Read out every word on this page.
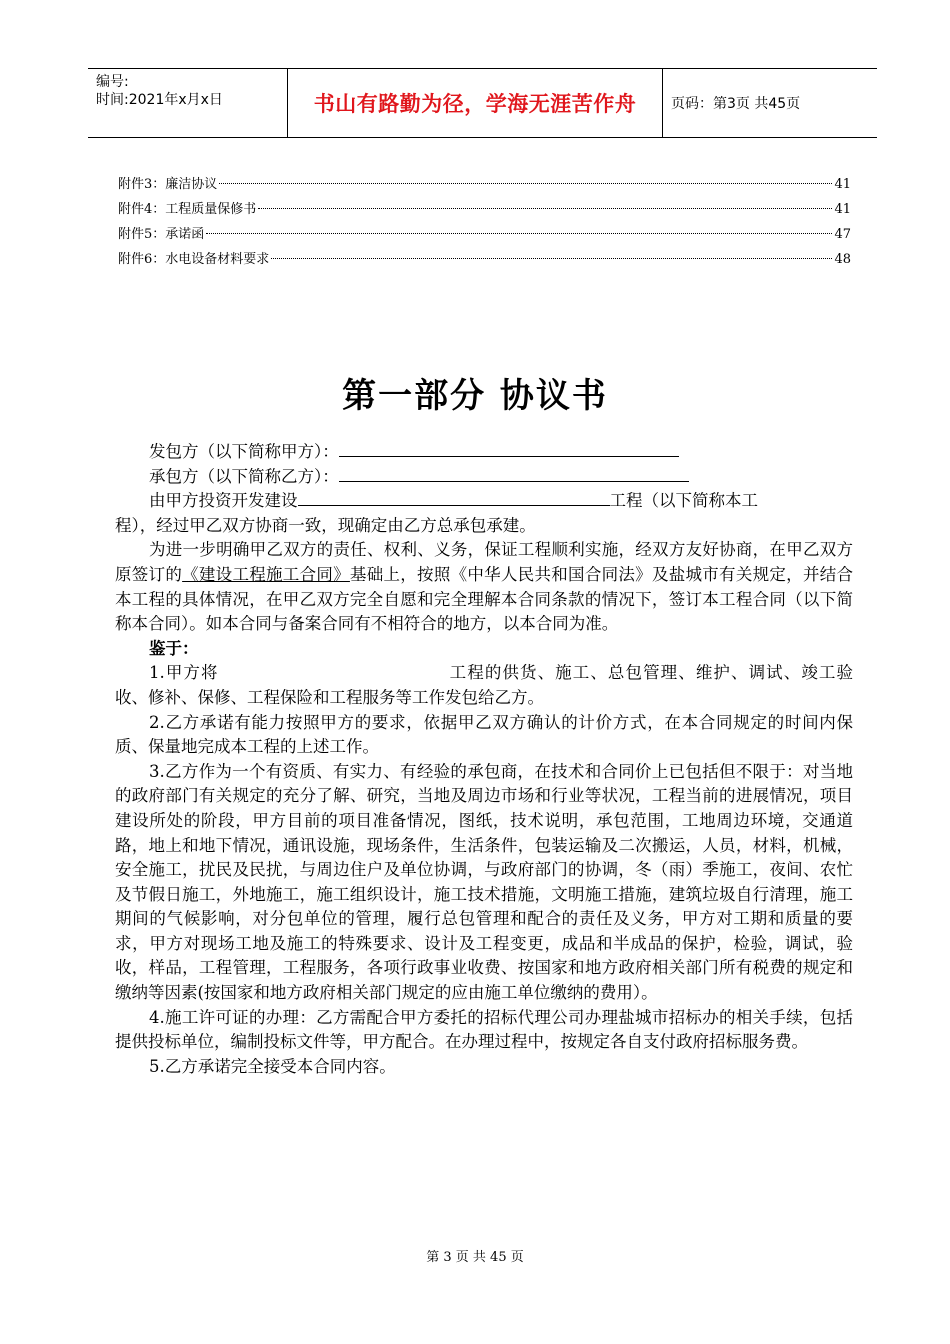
编号:
时间:2021年x月x日	书山有路勤为径，学海无涯苦作舟	页码：第3页 共45页
附件3：廉洁协议	41
附件4：工程质量保修书	41
附件5：承诺函	47
附件6：水电设备材料要求	48
第一部分 协议书

发包方（以下简称甲方）：

承包方（以下简称乙方）：

由甲方投资开发建设	工程（以下简称本工

程），经过甲乙双方协商一致，现确定由乙方总承包承建。

为进一步明确甲乙双方的责任、权利、义务，保证工程顺利实施，经双方友好协商，在甲乙双方原签订的《建设工程施工合同》基础上，按照《中华人民共和国合同法》及盐城市有关规定，并结合本工程的具体情况，在甲乙双方完全自愿和完全理解本合同条款的情况下，签订本工程合同（以下简称本合同）。如本合同与备案合同有不相符合的地方，以本合同为准。

鉴于：

1.甲方将	工程的供货、施工、总包管理、维护、调试、竣工验收、修补、保修、工程保险和工程服务等工作发包给乙方。

2.乙方承诺有能力按照甲方的要求，依据甲乙双方确认的计价方式，在本合同规定的时间内保质、保量地完成本工程的上述工作。

3.乙方作为一个有资质、有实力、有经验的承包商，在技术和合同价上已包括但不限于：对当地的政府部门有关规定的充分了解、研究，当地及周边市场和行业等状况，工程当前的进展情况，项目建设所处的阶段，甲方目前的项目准备情况，图纸，技术说明，承包范围，工地周边环境，交通道路，地上和地下情况，通讯设施，现场条件，生活条件，包装运输及二次搬运，人员，材料，机械，安全施工，扰民及民扰，与周边住户及单位协调，与政府部门的协调，冬（雨）季施工，夜间、农忙及节假日施工，外地施工，施工组织设计，施工技术措施，文明施工措施，建筑垃圾自行清理，施工期间的气候影响，对分包单位的管理，履行总包管理和配合的责任及义务，甲方对工期和质量的要求，甲方对现场工地及施工的特殊要求、设计及工程变更，成品和半成品的保护，检验，调试，验收，样品，工程管理，工程服务，各项行政事业收费、按国家和地方政府相关部门所有税费的规定和缴纳等因素(按国家和地方政府相关部门规定的应由施工单位缴纳的费用）。

4.施工许可证的办理：乙方需配合甲方委托的招标代理公司办理盐城市招标办的相关手续，包括提供投标单位，编制投标文件等，甲方配合。在办理过程中，按规定各自支付政府招标服务费。

5.乙方承诺完全接受本合同内容。

第 3 页 共 45 页
